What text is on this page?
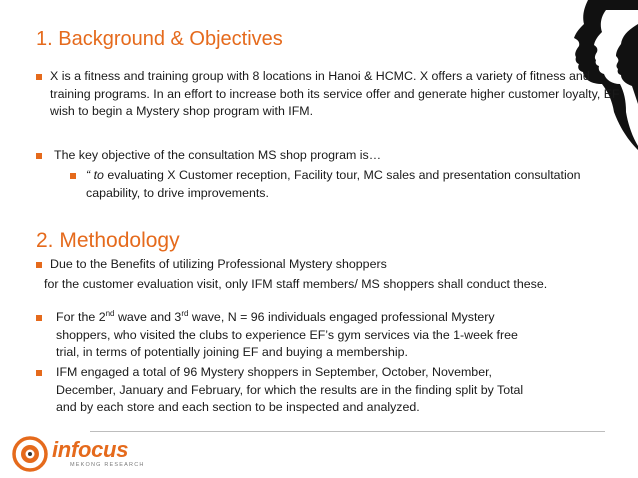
1. Background & Objectives

X is a fitness and training group with 8 locations in Hanoi & HCMC. X offers a variety of fitness and training programs. In an effort to increase both its service offer and generate higher customer loyalty, EF wish to begin a Mystery shop program with IFM.

The key objective of the consultation MS shop program is…

“ to evaluating X Customer reception, Facility tour, MC sales and presentation consultation capability, to drive improvements.

2. Methodology

Due to the Benefits of utilizing Professional Mystery shoppers

for the customer evaluation visit, only IFM staff members/ MS shoppers shall conduct these.

For the 2nd wave and 3rd wave, N = 96 individuals engaged professional Mystery shoppers, who visited the clubs to experience EF’s gym services via the 1-week free trial, in terms of potentially joining EF and buying a membership.

IFM engaged a total of 96 Mystery shoppers in September, October, November, December, January and February, for which the results are in the finding split by Total and by each store and each section to be inspected and analyzed.

infocus
MEKONG RESEARCH
